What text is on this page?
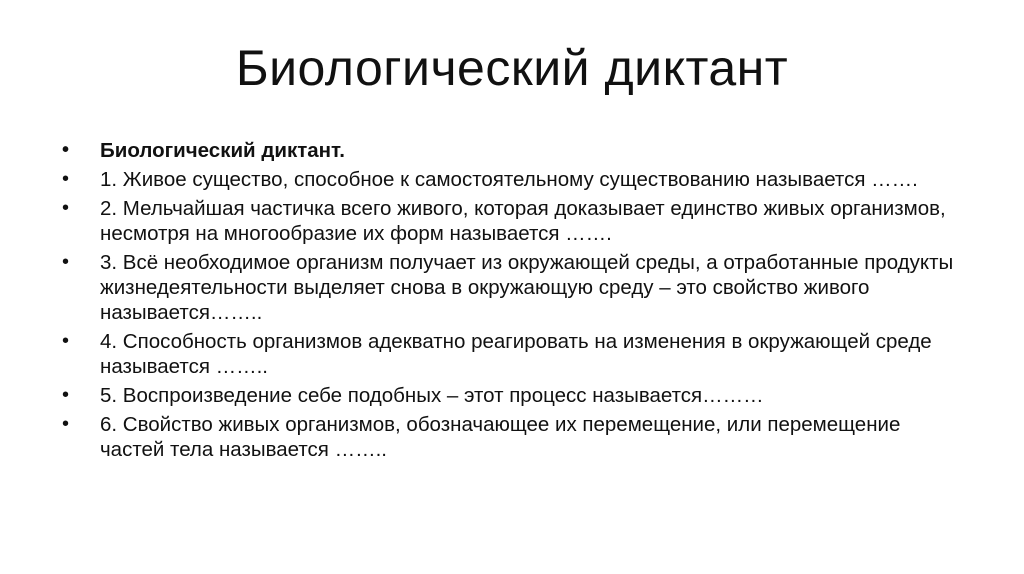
Биологический диктант
•	Биологический диктант.
•	1. Живое существо, способное к самостоятельному существованию называется …….
•	2. Мельчайшая частичка всего живого, которая доказывает единство живых организмов, несмотря на многообразие их форм называется …….
•	3. Всё необходимое организм получает из окружающей среды, а отработанные продукты жизнедеятельности выделяет снова в окружающую среду – это свойство живого называется……..
•	4. Способность организмов адекватно реагировать на изменения в окружающей среде называется ……..
•	5. Воспроизведение себе подобных – этот процесс называется………
•	6. Свойство живых организмов, обозначающее их перемещение, или перемещение частей тела называется ……..
